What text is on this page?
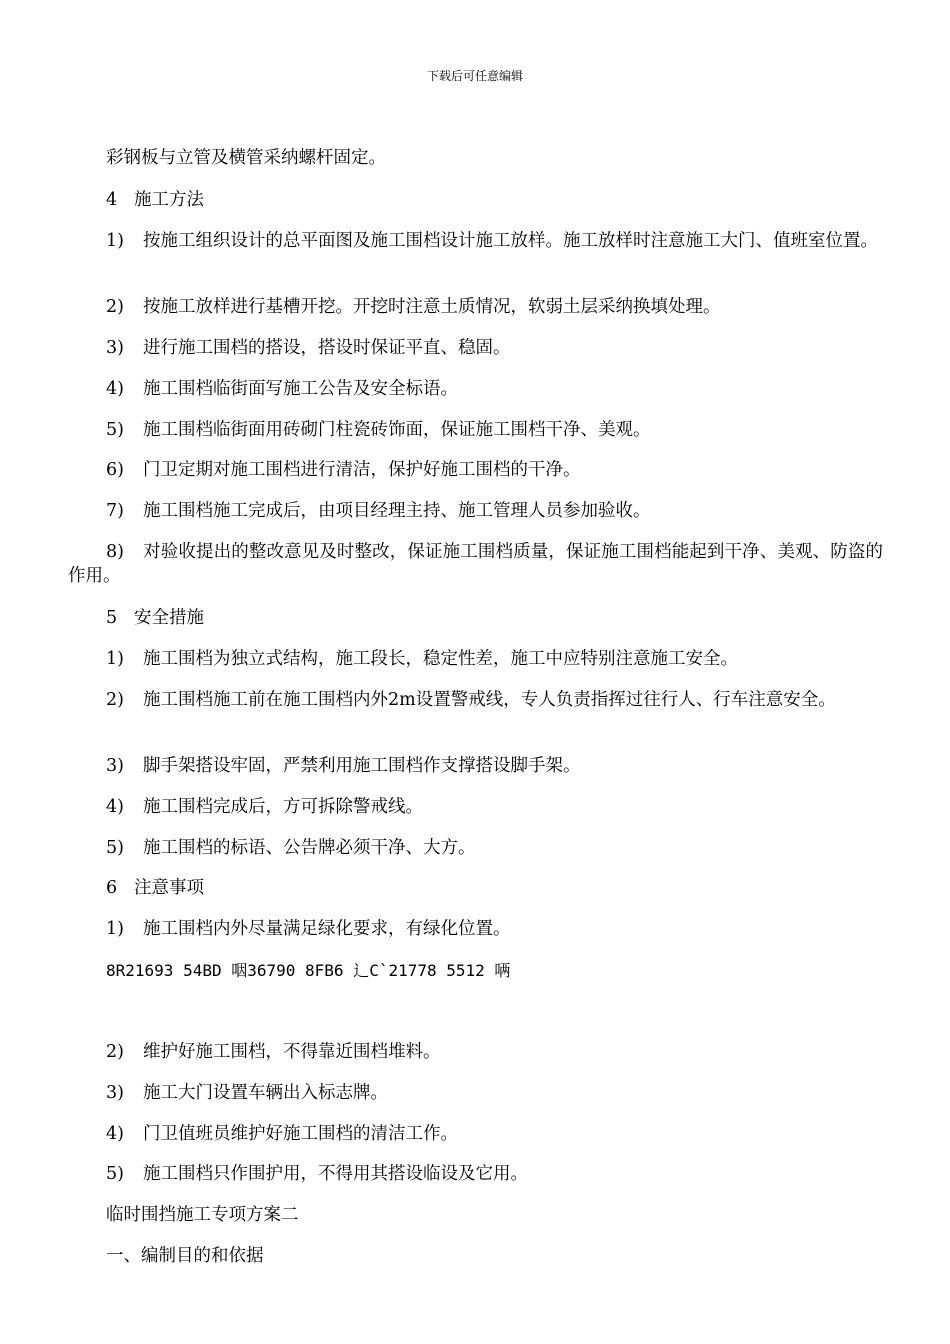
下载后可任意编辑
彩钢板与立管及横管采纳螺杆固定。
4 施工方法
1) 按施工组织设计的总平面图及施工围档设计施工放样。施工放样时注意施工大门、值班室位置。
2) 按施工放样进行基槽开挖。开挖时注意土质情况，软弱土层采纳换填处理。
3) 进行施工围档的搭设，搭设时保证平直、稳固。
4) 施工围档临街面写施工公告及安全标语。
5) 施工围档临街面用砖砌门柱瓷砖饰面，保证施工围档干净、美观。
6) 门卫定期对施工围档进行清洁，保护好施工围档的干净。
7) 施工围档施工完成后，由项目经理主持、施工管理人员参加验收。
8) 对验收提出的整改意见及时整改，保证施工围档质量，保证施工围档能起到干净、美观、防盗的作用。
5 安全措施
1) 施工围档为独立式结构，施工段长，稳定性差，施工中应特别注意施工安全。
2) 施工围档施工前在施工围档内外2m设置警戒线，专人负责指挥过往行人、行车注意安全。
3) 脚手架搭设牢固，严禁利用施工围档作支撑搭设脚手架。
4) 施工围档完成后，方可拆除警戒线。
5) 施工围档的标语、公告牌必须干净、大方。
6 注意事项
1) 施工围档内外尽量满足绿化要求，有绿化位置。
8R21693 54BD 咽36790 8FB6 辶C`21778 5512 唡
2) 维护好施工围档，不得靠近围档堆料。
3) 施工大门设置车辆出入标志牌。
4) 门卫值班员维护好施工围档的清洁工作。
5) 施工围档只作围护用，不得用其搭设临设及它用。
临时围挡施工专项方案二
一、编制目的和依据
